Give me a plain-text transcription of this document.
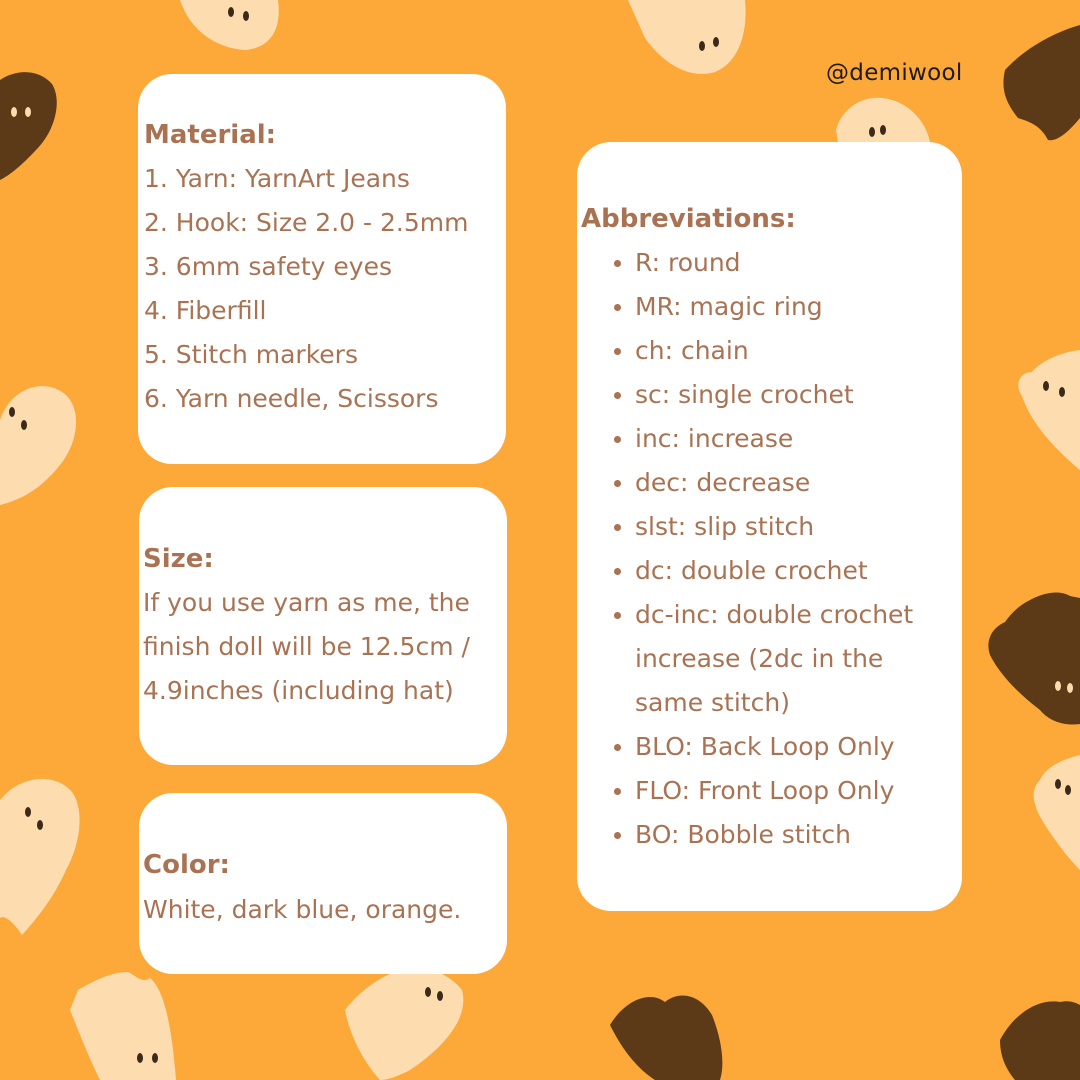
@demiwool
Material:
1. Yarn: YarnArt Jeans
2. Hook: Size 2.0 - 2.5mm
3. 6mm safety eyes
4. Fiberfill
5. Stitch markers
6. Yarn needle, Scissors
Size:
If you use yarn as me, the
finish doll will be 12.5cm /
4.9inches (including hat)
Color:
White, dark blue, orange.
Abbreviations:
R: round
MR: magic ring
ch: chain
sc: single crochet
inc: increase
dec: decrease
slst: slip stitch
dc: double crochet
dc-inc: double crochet increase (2dc in the same stitch)
BLO: Back Loop Only
FLO: Front Loop Only
BO: Bobble stitch
